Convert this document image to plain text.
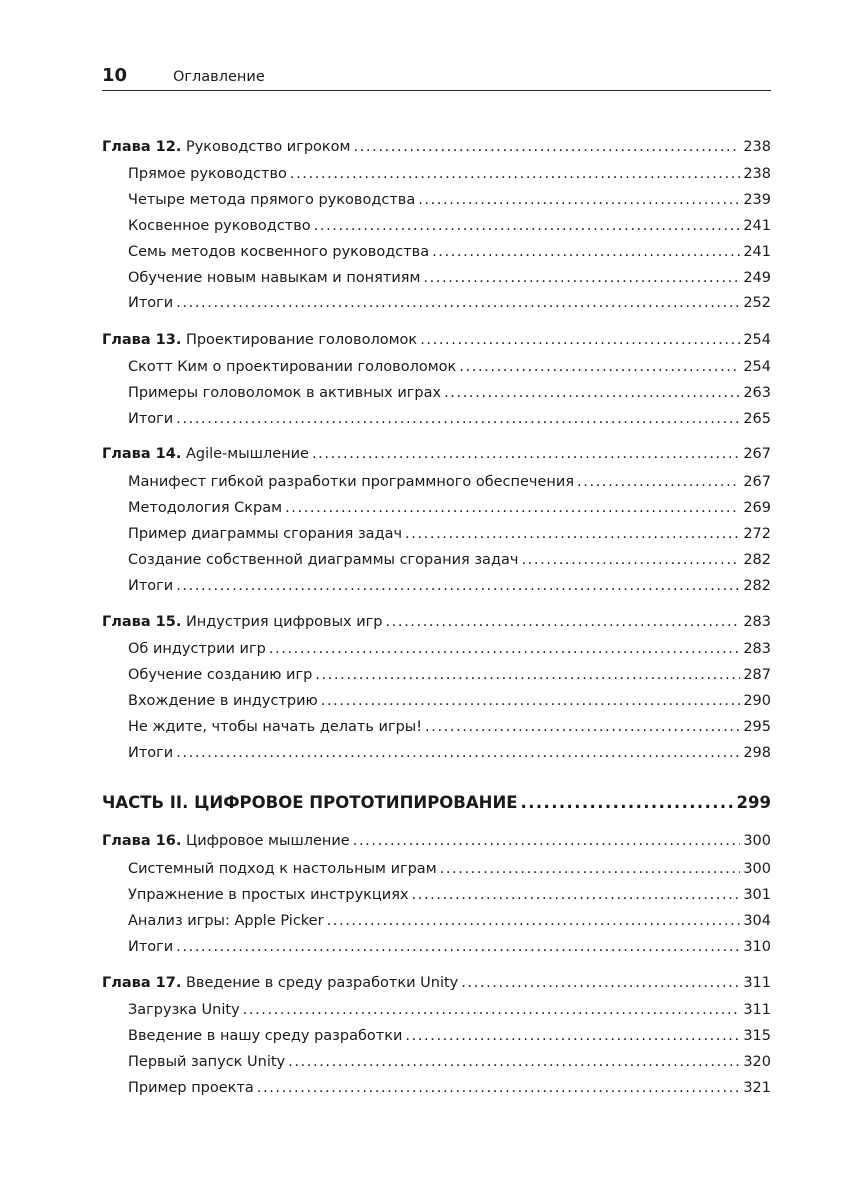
10	Оглавление
Глава 12. Руководство игроком .....	238
Прямое руководство .....	238
Четыре метода прямого руководства .....	239
Косвенное руководство .....	241
Семь методов косвенного руководства .....	241
Обучение новым навыкам и понятиям .....	249
Итоги .....	252
Глава 13. Проектирование головоломок .....	254
Скотт Ким о проектировании головоломок .....	254
Примеры головоломок в активных играх .....	263
Итоги .....	265
Глава 14. Agile-мышление .....	267
Манифест гибкой разработки программного обеспечения .....	267
Методология Скрам .....	269
Пример диаграммы сгорания задач .....	272
Создание собственной диаграммы сгорания задач .....	282
Итоги .....	282
Глава 15. Индустрия цифровых игр .....	283
Об индустрии игр .....	283
Обучение созданию игр .....	287
Вхождение в индустрию .....	290
Не ждите, чтобы начать делать игры! .....	295
Итоги .....	298
ЧАСТЬ II. ЦИФРОВОЕ ПРОТОТИПИРОВАНИЕ .....	299
Глава 16. Цифровое мышление .....	300
Системный подход к настольным играм .....	300
Упражнение в простых инструкциях .....	301
Анализ игры: Apple Picker .....	304
Итоги .....	310
Глава 17. Введение в среду разработки Unity .....	311
Загрузка Unity .....	311
Введение в нашу среду разработки .....	315
Первый запуск Unity .....	320
Пример проекта .....	321
